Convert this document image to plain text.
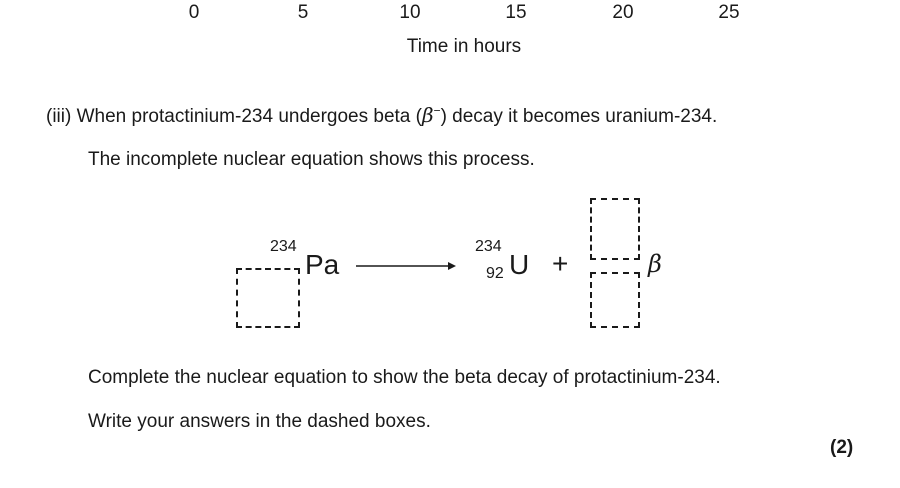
0	5	10	15	20	25
Time in hours
(iii) When protactinium-234 undergoes beta (β−) decay it becomes uranium-234.
The incomplete nuclear equation shows this process.
234
Pa
234
92 U +	β
Complete the nuclear equation to show the beta decay of protactinium-234.
Write your answers in the dashed boxes.
(2)
